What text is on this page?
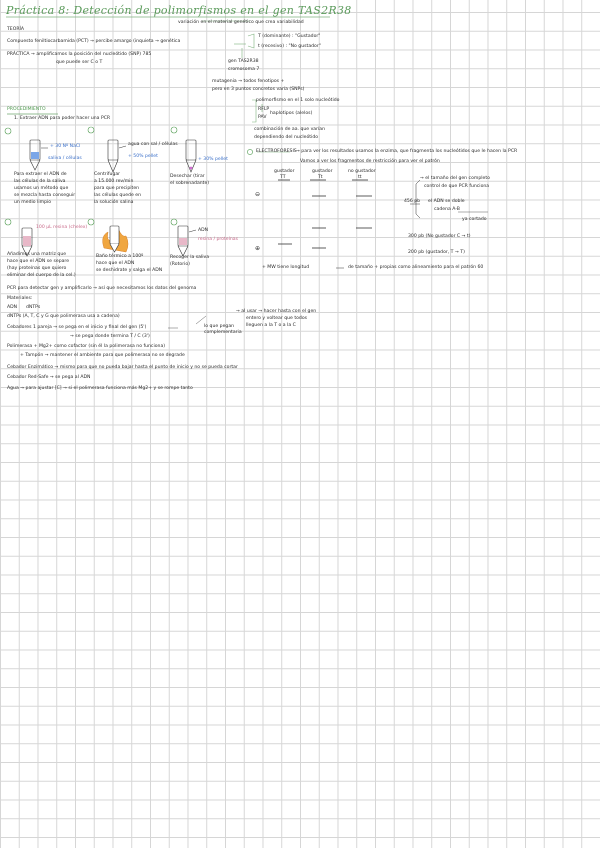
Práctica 8: Detección de polimorfismos en el gen TAS2R38
⊖
⊕
TEORÍA
variación en el material genético que crea variabilidad
Compuesto feniltiocarbamida (PCT) → percibe amargo (inquieta → genética
T (dominante) : "Gustador"
t (recesivo) : "No gustador"
PRÁCTICA → amplificamos la posición del nucleótido (SNP) 785
que puede ser C o T	gen TAS2R38
cromosoma 7
mutagenia → todos fenotipos +
pero en 3 puntos concretos varía (SNPs)
polimorfismo en el 1 solo nucleótido
RFLP
PAV
haplotipos (alelos)
combinación de aa. que varían
dependiendo del nucleótido
PROCEDIMIENTO
1. Extraer ADN para poder hacer una PCR
+ 30 Nº NaCl
saliva / células
agua con sal / células
+ 50% pellet
+ 30% pellet
Para extraer el ADN de
las células de la saliva
usamos un método que
se mezcla hasta conseguir
un medio limpio
Centrifugar
a 15.000 rev/min
para que precipiten
las células quede en
la solución salina
Desechar (tirar
el sobrenadante)
100 μL resina (chelex)
ADN
resina / proteínas
Añadimos una matriz que
hace que el ADN se separe
(hay proteínas que quiero
eliminar del cuerpo de la cel.)
Baño térmico a 100º
hace que el ADN
se deshidrate y salga el ADN
Recoger la saliva
(Rotorio)
ELECTROFORESIS → para ver los resultados usamos la enzima, que fragmenta los nucleótidos que le hacen la PCR
Vamos a ver los fragmentos de restricción para ver el patrón
gustador
TT
gustador
Tt
no gustador
tt	→ el tamaño del gen completo
control de que PCR funciona
456 pb el ADN se doble
cadena A-B
ya cortado
300 pb (No gustador C → t)
200 pb (gustador, T → T)
+ MW tiene longitud	de tamaño + propias como alineamiento para el patrón 60
PCR para detectar gen y amplificarlo → así que necesitamos los datos del genoma
Materiales:
ADN dNTPs
dNTPs (A, T, C y G que polimerasa usa a cadena)
Cebadores 1 pareja → se pega en el inicio y final del gen (5')
→ se pega donde termina T / C (3')
lo que pegan
complementaria
→ al usar → hacer hasta con el gen
entero y voltear que todos
lleguen a la T o a la C
Polimerasa + Mg2+ como cofactor (sin él la polimerasa no funciona)
+ Tampón → mantener el ambiente para que polimerasa no se degrade
Cebador Enzimático → mismo para que no pueda bajar hasta el punto de inicio y no se pueda cortar
Cebador Red-Safe → se pega al ADN
Agua → para ajustar [C] → si el polimerasa funciona más Mg2+ y se rompe tanto
